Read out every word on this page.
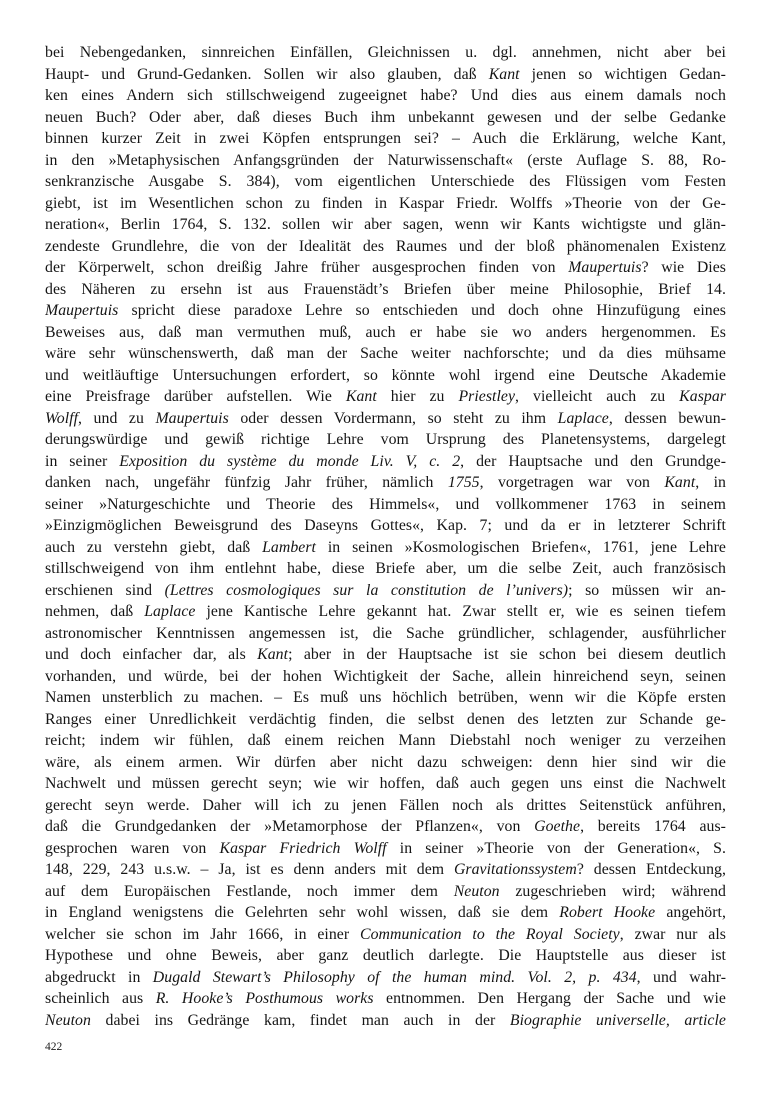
bei Nebengedanken, sinnreichen Einfällen, Gleichnissen u. dgl. annehmen, nicht aber bei
Haupt- und Grund-Gedanken. Sollen wir also glauben, daß Kant jenen so wichtigen Gedan-
ken eines Andern sich stillschweigend zugeeignet habe? Und dies aus einem damals noch
neuen Buch? Oder aber, daß dieses Buch ihm unbekannt gewesen und der selbe Gedanke
binnen kurzer Zeit in zwei Köpfen entsprungen sei? – Auch die Erklärung, welche Kant,
in den »Metaphysischen Anfangsgründen der Naturwissenschaft« (erste Auflage S. 88, Ro-
senkranzische Ausgabe S. 384), vom eigentlichen Unterschiede des Flüssigen vom Festen
giebt, ist im Wesentlichen schon zu finden in Kaspar Friedr. Wolffs »Theorie von der Ge-
neration«, Berlin 1764, S. 132. sollen wir aber sagen, wenn wir Kants wichtigste und glän-
zendeste Grundlehre, die von der Idealität des Raumes und der bloß phänomenalen Existenz
der Körperwelt, schon dreißig Jahre früher ausgesprochen finden von Maupertuis? wie Dies
des Näheren zu ersehn ist aus Frauenstädt’s Briefen über meine Philosophie, Brief 14.
Maupertuis spricht diese paradoxe Lehre so entschieden und doch ohne Hinzufügung eines
Beweises aus, daß man vermuthen muß, auch er habe sie wo anders hergenommen. Es
wäre sehr wünschenswerth, daß man der Sache weiter nachforschte; und da dies mühsame
und weitläuftige Untersuchungen erfordert, so könnte wohl irgend eine Deutsche Akademie
eine Preisfrage darüber aufstellen. Wie Kant hier zu Priestley, vielleicht auch zu Kaspar
Wolff, und zu Maupertuis oder dessen Vordermann, so steht zu ihm Laplace, dessen bewun-
derungswürdige und gewiß richtige Lehre vom Ursprung des Planetensystems, dargelegt
in seiner Exposition du système du monde Liv. V, c. 2, der Hauptsache und den Grundge-
danken nach, ungefähr fünfzig Jahr früher, nämlich 1755, vorgetragen war von Kant, in
seiner »Naturgeschichte und Theorie des Himmels«, und vollkommener 1763 in seinem
»Einzigmöglichen Beweisgrund des Daseyns Gottes«, Kap. 7; und da er in letzterer Schrift
auch zu verstehn giebt, daß Lambert in seinen »Kosmologischen Briefen«, 1761, jene Lehre
stillschweigend von ihm entlehnt habe, diese Briefe aber, um die selbe Zeit, auch französisch
erschienen sind (Lettres cosmologiques sur la constitution de l’univers); so müssen wir an-
nehmen, daß Laplace jene Kantische Lehre gekannt hat. Zwar stellt er, wie es seinen tiefem
astronomischer Kenntnissen angemessen ist, die Sache gründlicher, schlagender, ausführlicher
und doch einfacher dar, als Kant; aber in der Hauptsache ist sie schon bei diesem deutlich
vorhanden, und würde, bei der hohen Wichtigkeit der Sache, allein hinreichend seyn, seinen
Namen unsterblich zu machen. – Es muß uns höchlich betrüben, wenn wir die Köpfe ersten
Ranges einer Unredlichkeit verdächtig finden, die selbst denen des letzten zur Schande ge-
reicht; indem wir fühlen, daß einem reichen Mann Diebstahl noch weniger zu verzeihen
wäre, als einem armen. Wir dürfen aber nicht dazu schweigen: denn hier sind wir die
Nachwelt und müssen gerecht seyn; wie wir hoffen, daß auch gegen uns einst die Nachwelt
gerecht seyn werde. Daher will ich zu jenen Fällen noch als drittes Seitenstück anführen,
daß die Grundgedanken der »Metamorphose der Pflanzen«, von Goethe, bereits 1764 aus-
gesprochen waren von Kaspar Friedrich Wolff in seiner »Theorie von der Generation«, S.
148, 229, 243 u.s.w. – Ja, ist es denn anders mit dem Gravitationssystem? dessen Entdeckung,
auf dem Europäischen Festlande, noch immer dem Neuton zugeschrieben wird; während
in England wenigstens die Gelehrten sehr wohl wissen, daß sie dem Robert Hooke angehört,
welcher sie schon im Jahr 1666, in einer Communication to the Royal Society, zwar nur als
Hypothese und ohne Beweis, aber ganz deutlich darlegte. Die Hauptstelle aus dieser ist
abgedruckt in Dugald Stewart’s Philosophy of the human mind. Vol. 2, p. 434, und wahr-
scheinlich aus R. Hooke’s Posthumous works entnommen. Den Hergang der Sache und wie
Neuton dabei ins Gedränge kam, findet man auch in der Biographie universelle, article
422
